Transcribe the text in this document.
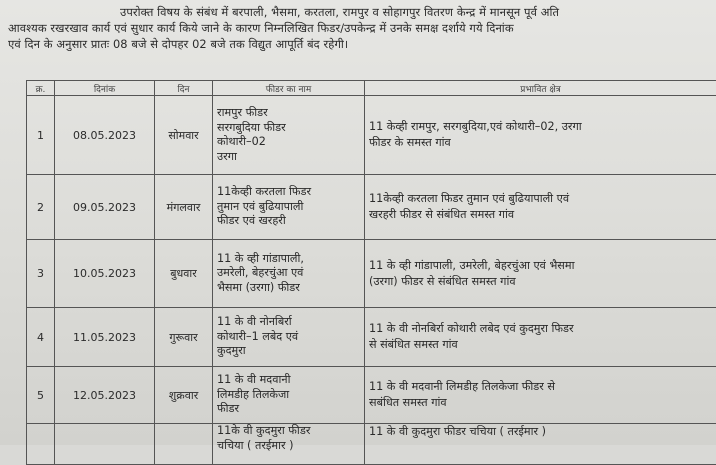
उपरोक्त विषय के संबंध में बरपाली, भैसमा, करतला, रामपुर व सोहागपुर वितरण केन्द्र में मानसून पूर्व अति
आवश्यक रखरखाव कार्य एवं सुधार कार्य किये जाने के कारण निम्नलिखित फिडर/उपकेन्द्र में उनके समक्ष दर्शाये गये दिनांक
एवं दिन के अनुसार प्रातः 08 बजे से दोपहर 02 बजे तक विद्युत आपूर्ति बंद रहेगी।
क्र.	दिनांक	दिन	फीडर का नाम	प्रभावित क्षेत्र
1	08.05.2023	सोमवार	रामपुर फीडर
सरगबुदिया फीडर
कोथारी–02
उरगा	11 केव्ही रामपुर, सरगबुदिया,एवं कोथारी–02, उरगा
फीडर के समस्त गांव

2	09.05.2023	मंगलवार	11केव्ही करतला फिडर
तुमान एवं बुढियापाली
फीडर एवं खरहरी	11केव्ही करतला फिडर तुमान एवं बुढियापाली एवं
खरहरी फीडर से संबंधित समस्त गांव

3	10.05.2023	बुधवार	11 के व्ही गांडापाली,
उमरेली, बेहरचुंआ एवं
भैसमा (उरगा) फीडर	11 के व्ही गांडापाली, उमरेली, बेहरचुंआ एवं भैसमा
(उरगा) फीडर से संबंधित समस्त गांव

4	11.05.2023	गुरूवार	11 के वी नोनबिर्रा
कोथारी–1 लबेद एवं
कुदमुरा	11 के वी नोनबिर्रा कोथारी लबेद एवं कुदमुरा फिडर
से संबंधित समस्त गांव

5	12.05.2023	शुक्रवार	11 के वी मदवानी
लिमडीह तिलकेजा
फीडर	11 के वी मदवानी लिमडीह तिलकेजा फीडर से
सबंधित समस्त गांव

			11के वी कुदमुरा फीडर
चचिया ( तरईमार )	11 के वी कुदमुरा फीडर चचिया ( तरईमार )
